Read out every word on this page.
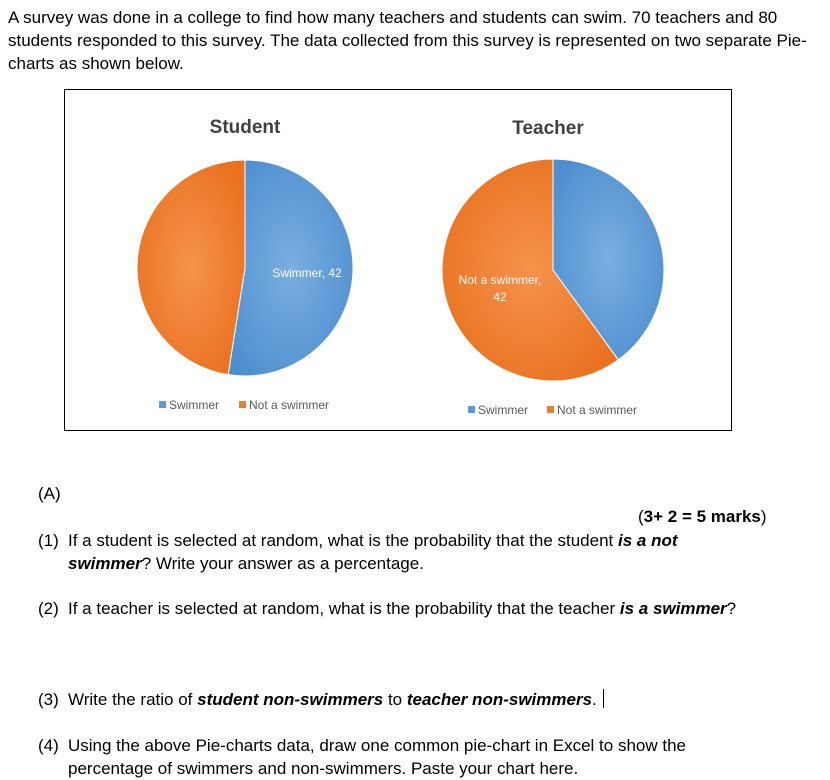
A survey was done in a college to find how many teachers and students can swim. 70 teachers and 80 students responded to this survey. The data collected from this survey is represented on two separate Pie-charts as shown below.
Student
Swimmer, 42
Swimmer	Not a swimmer
Teacher
Not a swimmer,
42
Swimmer Not a swimmer
(A)
(3+ 2 = 5 marks)
(1) If a student is selected at random, what is the probability that the student is a not swimmer? Write your answer as a percentage.
(2) If a teacher is selected at random, what is the probability that the teacher is a swimmer?
(3) Write the ratio of student non-swimmers to teacher non-swimmers.
(4) Using the above Pie-charts data, draw one common pie-chart in Excel to show the percentage of swimmers and non-swimmers. Paste your chart here.
